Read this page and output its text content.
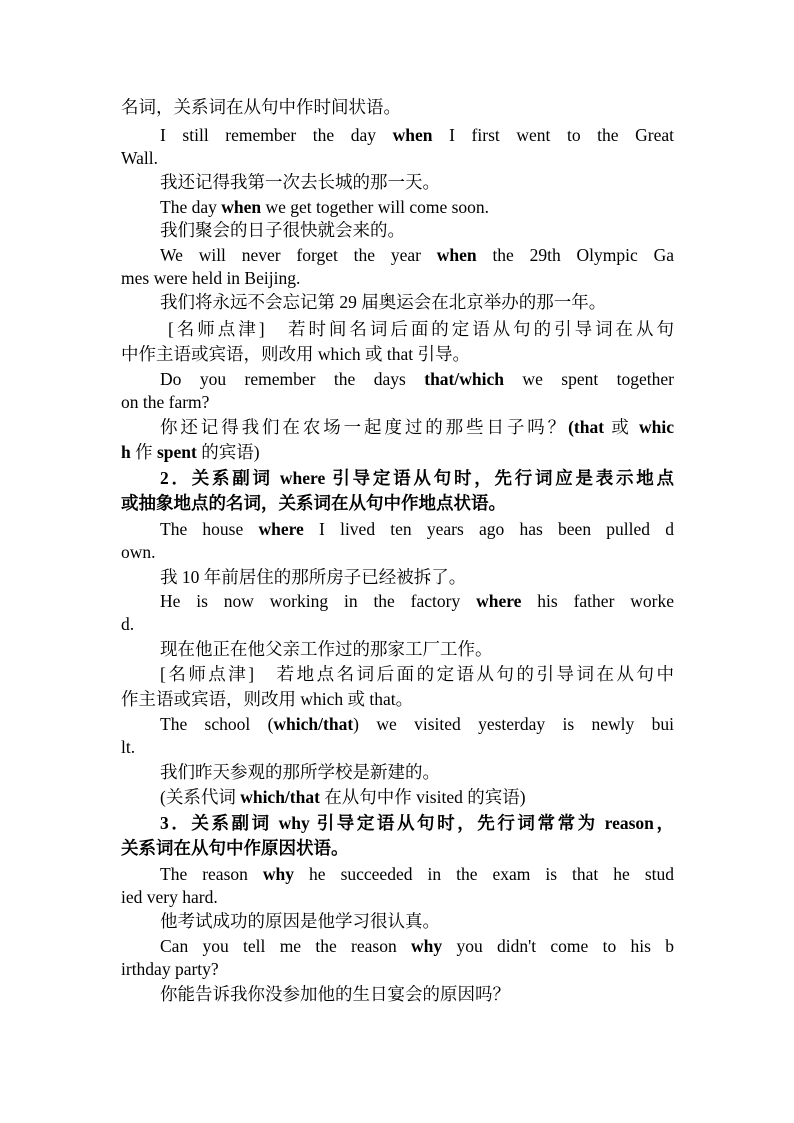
名词，关系词在从句中作时间状语。
I still remember the day when I first went to the Great
Wall.
我还记得我第一次去长城的那一天。
The day when we get together will come soon.
我们聚会的日子很快就会来的。
We will never forget the year when the 29th Olympic Ga
mes were held in Beijing.
我们将永远不会忘记第 29 届奥运会在北京举办的那一年。
[名师点津]　若时间名词后面的定语从句的引导词在从句
中作主语或宾语，则改用 which 或 that 引导。
Do you remember the days that/which we spent together
on the farm?
你还记得我们在农场一起度过的那些日子吗？(that 或 whic
h 作 spent 的宾语)
2．关系副词 where 引导定语从句时，先行词应是表示地点
或抽象地点的名词，关系词在从句中作地点状语。
The house where I lived ten years ago has been pulled d
own.
我 10 年前居住的那所房子已经被拆了。
He is now working in the factory where his father worke
d.
现在他正在他父亲工作过的那家工厂工作。
[名师点津]　若地点名词后面的定语从句的引导词在从句中
作主语或宾语，则改用 which 或 that。
The school (which/that) we visited yesterday is newly bui
lt.
我们昨天参观的那所学校是新建的。
(关系代词 which/that 在从句中作 visited 的宾语)
3．关系副词 why 引导定语从句时，先行词常常为 reason，
关系词在从句中作原因状语。
The reason why he succeeded in the exam is that he stud
ied very hard.
他考试成功的原因是他学习很认真。
Can you tell me the reason why you didn't come to his b
irthday party?
你能告诉我你没参加他的生日宴会的原因吗？
